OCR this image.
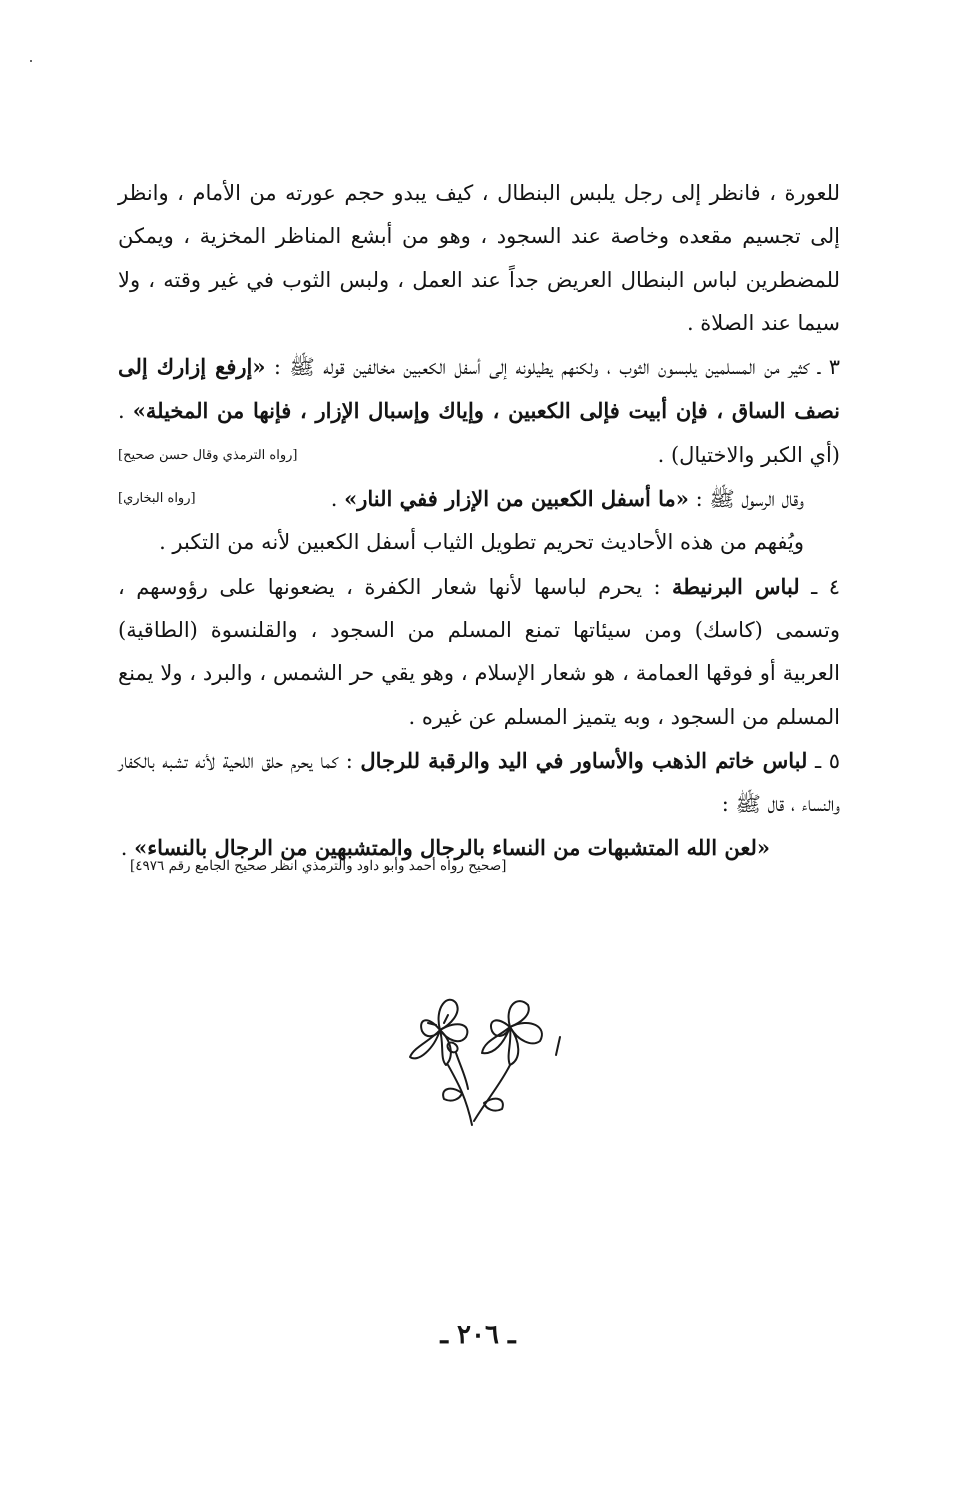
للعورة ، فانظر إلى رجل يلبس البنطال ، كيف يبدو حجم عورته من الأمام ، وانظر إلى تجسيم مقعده وخاصة عند السجود ، وهو من أبشع المناظر المخزية ، ويمكن للمضطرين لباس البنطال العريض جداً عند العمل ، ولبس الثوب في غير وقته ، ولا سيما عند الصلاة .

٣ ـ كثير من المسلمين يلبسون الثوب ، ولكنهم يطيلونه إلى أسفل الكعبين مخالفين قوله ﷺ : «إرفع إزارك إلى نصف الساق ، فإن أبيت فإلى الكعبين ، وإياك وإسبال الإزار ، فإنها من المخيلة» . (أي الكبر والاختيال) .
[رواه الترمذي وقال حسن صحيح]
[رواه البخاري]	وقال الرسول ﷺ : «ما أسفل الكعبين من الإزار ففي النار» .
ويُفهم من هذه الأحاديث تحريم تطويل الثياب أسفل الكعبين لأنه من التكبر .
٤ ـ لباس البرنيطة : يحرم لباسها لأنها شعار الكفرة ، يضعونها على رؤوسهم ، وتسمى (كاسك) ومن سيئاتها تمنع المسلم من السجود ، والقلنسوة (الطاقية) العربية أو فوقها العمامة ، هو شعار الإسلام ، وهو يقي حر الشمس ، والبرد ، ولا يمنع المسلم من السجود ، وبه يتميز المسلم عن غيره .
٥ ـ لباس خاتم الذهب والأساور في اليد والرقبة للرجال : كما يحرم حلق اللحية لأنه تشبه بالكفار والنساء ، قال ﷺ :
«لعن الله المتشبهات من النساء بالرجال والمتشبهين من الرجال بالنساء» .
[صحيح رواه أحمد وأبو داود والترمذي انظر صحيح الجامع رقم ٤٩٧٦]
ـ ٢٠٦ ـ
